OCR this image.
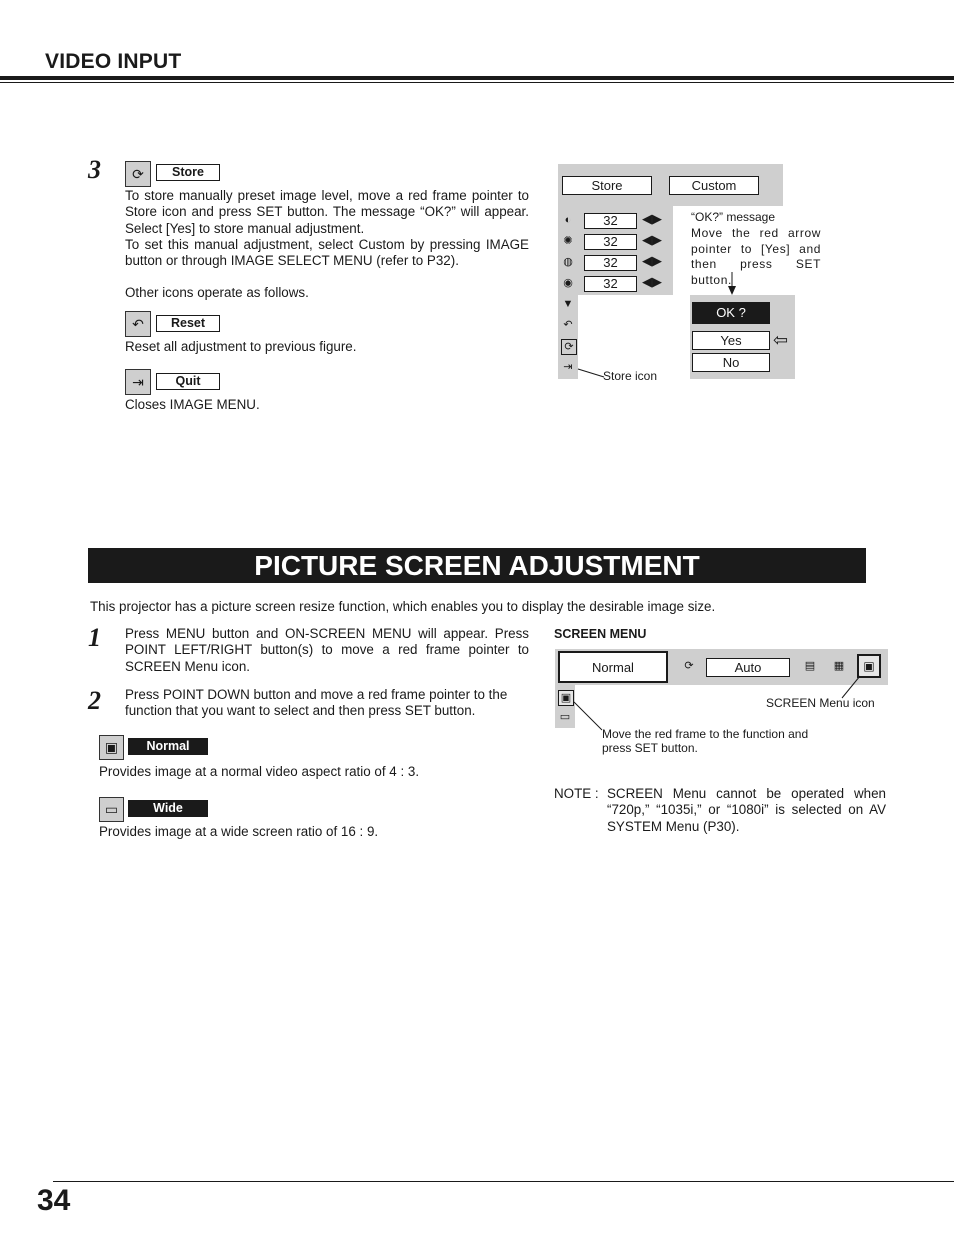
VIDEO INPUT
3	⟳	Store
To store manually preset image level, move a red frame pointer to Store icon and press SET button. The message “OK?” will appear. Select [Yes] to store manual adjustment.
To set this manual adjustment, select Custom by pressing IMAGE button or through IMAGE SELECT MENU (refer to P32).
Other icons operate as follows.
↶	Reset
Reset all adjustment to previous figure.
⇥	Quit
Closes IMAGE MENU.
Store	Custom
◐
✺
◍
◉
▼
↶
⟳
⇥
32
32
32
32
◀▶
◀▶
◀▶
◀▶
“OK?” message
Move the red arrow pointer to [Yes] and then press SET button.
OK ?
Yes
No
⇦
Store icon
PICTURE SCREEN ADJUSTMENT
This projector has a picture screen resize function, which enables you to display the desirable image size.
1 Press MENU button and ON-SCREEN MENU will appear. Press POINT LEFT/RIGHT button(s) to move a red frame pointer to SCREEN Menu icon.
2 Press POINT DOWN button and move a red frame pointer to the function that you want to select and then press SET button.
▣	Normal
Provides image at a normal video aspect ratio of 4 : 3.
▭	Wide
Provides image at a wide screen ratio of 16 : 9.
SCREEN MENU
Normal	⟳	Auto	▤ ▦	▣
▣
▭
SCREEN Menu icon
Move the red frame to the function and
press SET button.
NOTE : SCREEN Menu cannot be operated when “720p,” “1035i,” or “1080i” is selected on AV SYSTEM Menu (P30).
34
